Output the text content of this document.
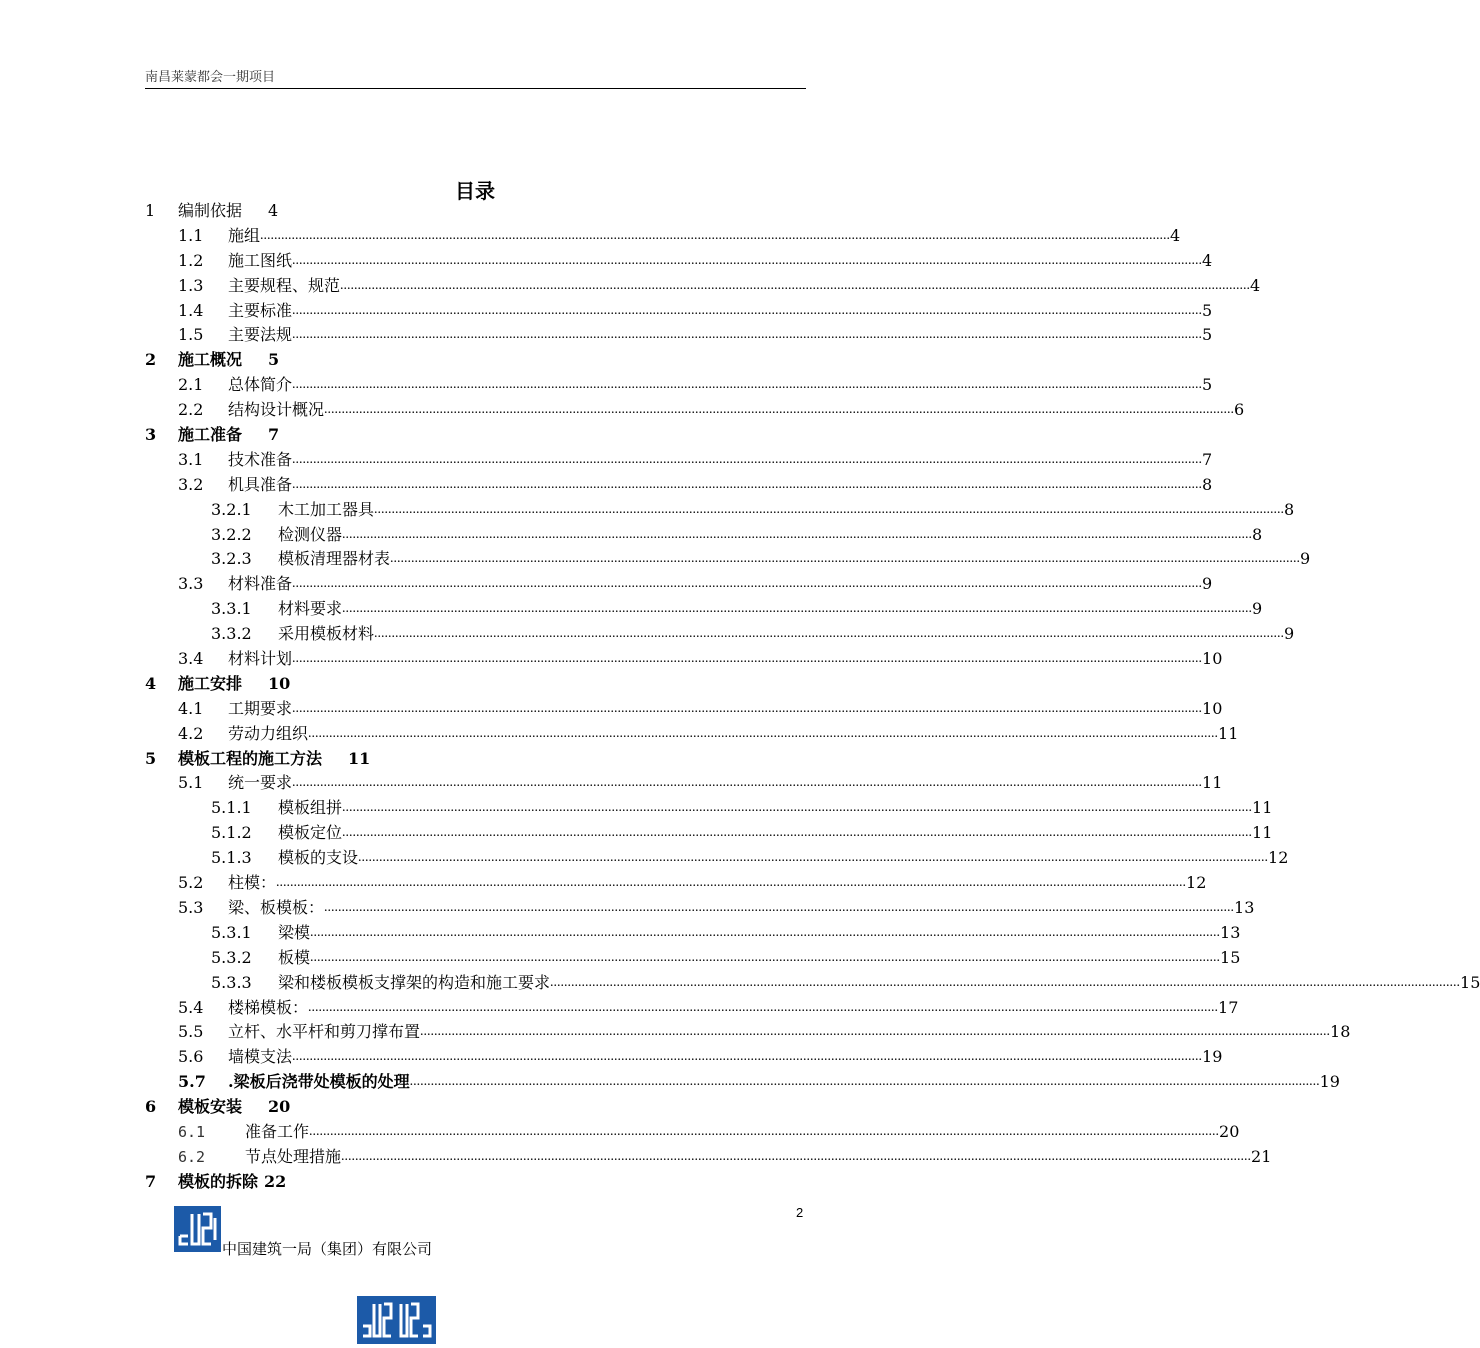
南昌莱蒙都会一期项目
目录
1 编制依据 4
1.1 施组 .................................................................................................................................................................................................................................................................... 4
1.2 施工图纸 .................................................................................................................................................................................................................................................................... 4
1.3 主要规程、规范 .................................................................................................................................................................................................................................................................... 4
1.4 主要标准 .................................................................................................................................................................................................................................................................... 5
1.5 主要法规 .................................................................................................................................................................................................................................................................... 5
2 施工概况 5
2.1 总体简介 .................................................................................................................................................................................................................................................................... 5
2.2 结构设计概况 .................................................................................................................................................................................................................................................................... 6
3 施工准备 7
3.1 技术准备 .................................................................................................................................................................................................................................................................... 7
3.2 机具准备 .................................................................................................................................................................................................................................................................... 8
3.2.1 木工加工器具 .................................................................................................................................................................................................................................................................... 8
3.2.2 检测仪器 .................................................................................................................................................................................................................................................................... 8
3.2.3 模板清理器材表 .................................................................................................................................................................................................................................................................... 9
3.3 材料准备 .................................................................................................................................................................................................................................................................... 9
3.3.1 材料要求 .................................................................................................................................................................................................................................................................... 9
3.3.2 采用模板材料 .................................................................................................................................................................................................................................................................... 9
3.4 材料计划 .................................................................................................................................................................................................................................................................... 10
4 施工安排 10
4.1 工期要求 .................................................................................................................................................................................................................................................................... 10
4.2 劳动力组织 .................................................................................................................................................................................................................................................................... 11
5 模板工程的施工方法 11
5.1 统一要求 .................................................................................................................................................................................................................................................................... 11
5.1.1 模板组拼 .................................................................................................................................................................................................................................................................... 11
5.1.2 模板定位 .................................................................................................................................................................................................................................................................... 11
5.1.3 模板的支设 .................................................................................................................................................................................................................................................................... 12
5.2 柱模： .................................................................................................................................................................................................................................................................... 12
5.3 梁、板模板： .................................................................................................................................................................................................................................................................... 13
5.3.1 梁模 .................................................................................................................................................................................................................................................................... 13
5.3.2 板模 .................................................................................................................................................................................................................................................................... 15
5.3.3 梁和楼板模板支撑架的构造和施工要求 .................................................................................................................................................................................................................................................................... 15
5.4 楼梯模板： .................................................................................................................................................................................................................................................................... 17
5.5 立杆、水平杆和剪刀撑布置 .................................................................................................................................................................................................................................................................... 18
5.6 墙模支法 .................................................................................................................................................................................................................................................................... 19
5.7 .梁板后浇带处模板的处理 .................................................................................................................................................................................................................................................................... 19
6 模板安装 20
6.1 准备工作 .................................................................................................................................................................................................................................................................... 20
6.2 节点处理措施 .................................................................................................................................................................................................................................................................... 21
7 模板的拆除 22
2
中国建筑一局（集团）有限公司
